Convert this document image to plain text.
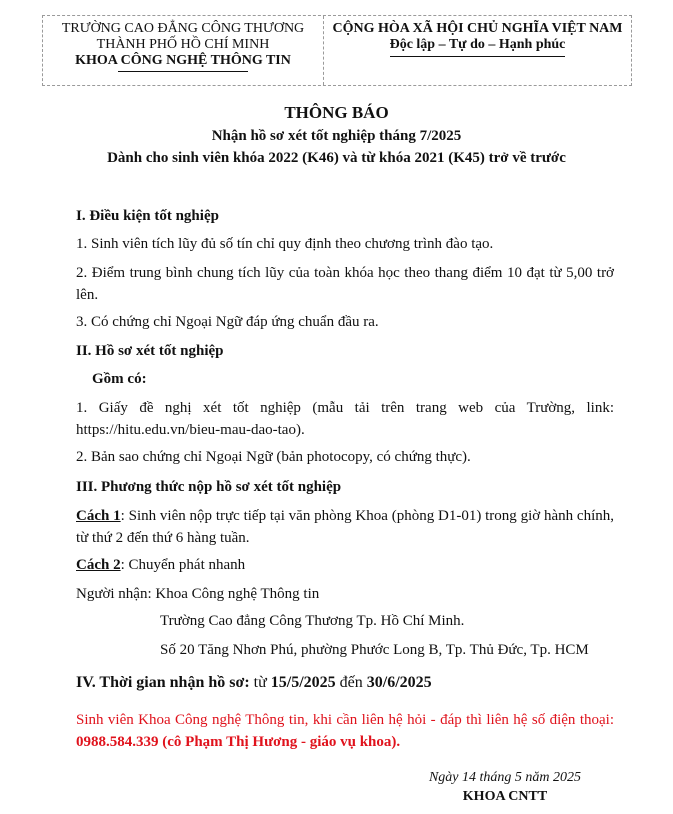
TRƯỜNG CAO ĐẲNG CÔNG THƯƠNG
THÀNH PHỐ HỒ CHÍ MINH
KHOA CÔNG NGHỆ THÔNG TIN
CỘNG HÒA XÃ HỘI CHỦ NGHĨA VIỆT NAM
Độc lập – Tự do – Hạnh phúc
THÔNG BÁO
Nhận hồ sơ xét tốt nghiệp tháng 7/2025
Dành cho sinh viên khóa 2022 (K46) và từ khóa 2021 (K45) trở về trước
I. Điều kiện tốt nghiệp
1. Sinh viên tích lũy đủ số tín chỉ quy định theo chương trình đào tạo.
2. Điểm trung bình chung tích lũy của toàn khóa học theo thang điểm 10 đạt từ 5,00 trở lên.
3. Có chứng chỉ Ngoại Ngữ đáp ứng chuẩn đầu ra.
II. Hồ sơ xét tốt nghiệp
Gồm có:
1. Giấy đề nghị xét tốt nghiệp (mẫu tải trên trang web của Trường, link: https://hitu.edu.vn/bieu-mau-dao-tao).
2. Bản sao chứng chỉ Ngoại Ngữ (bản photocopy, có chứng thực).
III. Phương thức nộp hồ sơ xét tốt nghiệp
Cách 1: Sinh viên nộp trực tiếp tại văn phòng Khoa (phòng D1-01) trong giờ hành chính, từ thứ 2 đến thứ 6 hàng tuần.
Cách 2: Chuyển phát nhanh
Người nhận: Khoa Công nghệ Thông tin
Trường Cao đẳng Công Thương Tp. Hồ Chí Minh.
Số 20 Tăng Nhơn Phú, phường Phước Long B, Tp. Thủ Đức, Tp. HCM
IV. Thời gian nhận hồ sơ: từ 15/5/2025 đến 30/6/2025
Sinh viên Khoa Công nghệ Thông tin, khi cần liên hệ hỏi - đáp thì liên hệ số điện thoại: 0988.584.339 (cô Phạm Thị Hương - giáo vụ khoa).
Ngày 14 tháng 5 năm 2025
KHOA CNTT
